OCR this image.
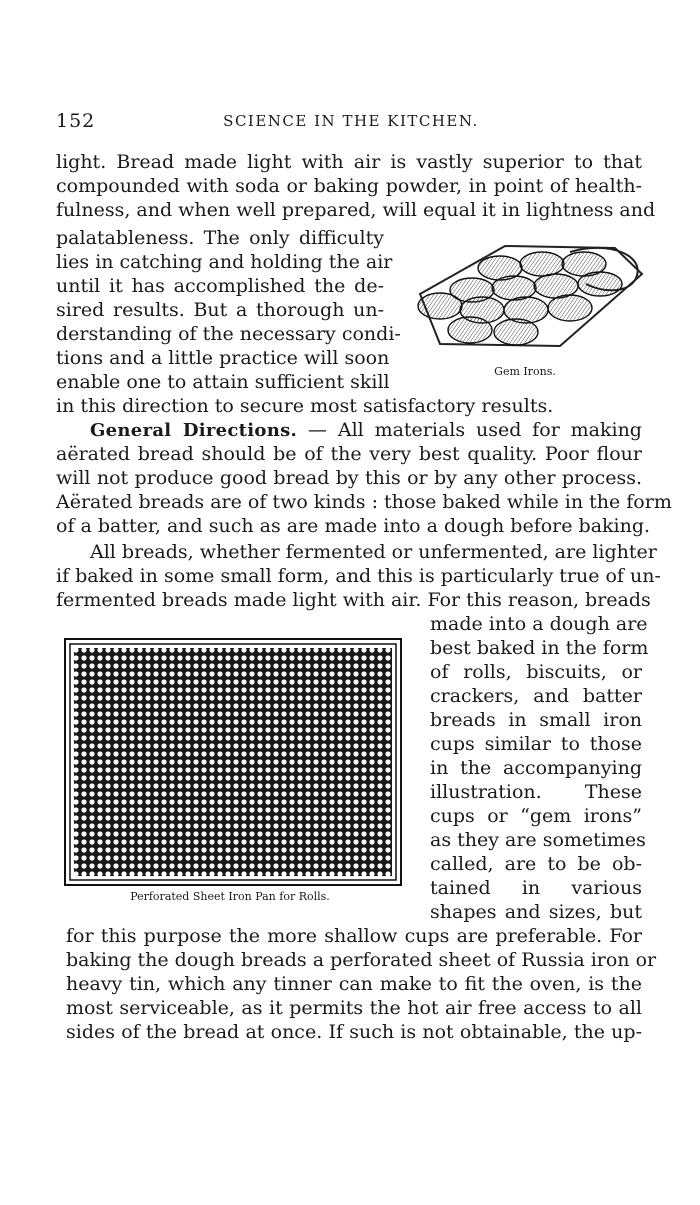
152	SCIENCE IN THE KITCHEN.
light. Bread made light with air is vastly superior to that
compounded with soda or baking powder, in point of health-
fulness, and when well prepared, will equal it in lightness and
palatableness. The only difficulty
lies in catching and holding the air
until it has accomplished the de-
sired results. But a thorough un-
derstanding of the necessary condi-
tions and a little practice will soon
enable one to attain sufficient skill	Gem Irons.
in this direction to secure most satisfactory results.
General Directions. — All materials used for making
aërated bread should be of the very best quality. Poor flour
will not produce good bread by this or by any other process.
Aërated breads are of two kinds : those baked while in the form
of a batter, and such as are made into a dough before baking.
All breads, whether fermented or unfermented, are lighter
if baked in some small form, and this is particularly true of un-
fermented breads made light with air. For this reason, breads
Perforated Sheet Iron Pan for Rolls.
made into a dough are
best baked in the form
of rolls, biscuits, or
crackers, and batter
breads in small iron
cups similar to those
in the accompanying
illustration. These
cups or “gem irons”
as they are sometimes
called, are to be ob-
tained in various
shapes and sizes, but
for this purpose the more shallow cups are preferable. For
baking the dough breads a perforated sheet of Russia iron or
heavy tin, which any tinner can make to fit the oven, is the
most serviceable, as it permits the hot air free access to all
sides of the bread at once. If such is not obtainable, the up-
